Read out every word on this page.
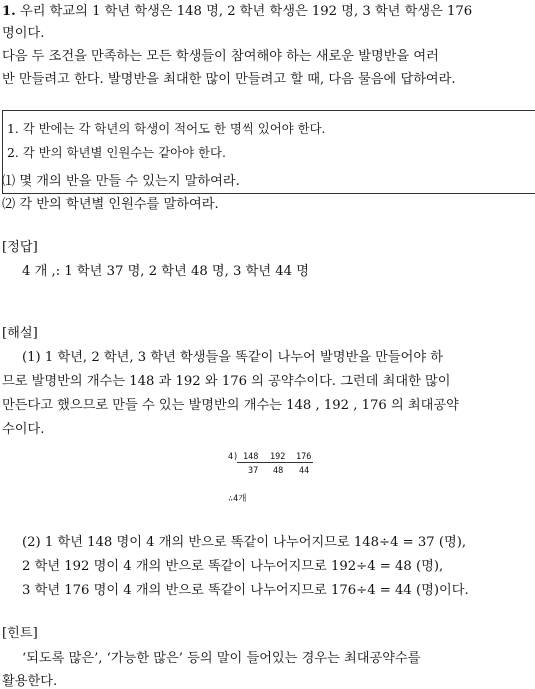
1. 우리 학교의 1 학년 학생은 148 명, 2 학년 학생은 192 명, 3 학년 학생은 176
명이다.
다음 두 조건을 만족하는 모든 학생들이 참여해야 하는 새로운 발명반을 여러
반 만들려고 한다. 발명반을 최대한 많이 만들려고 할 때, 다음 물음에 답하여라.
1. 각 반에는 각 학년의 학생이 적어도 한 명씩 있어야 한다.
2. 각 반의 학년별 인원수는 같아야 한다.
⑴ 몇 개의 반을 만들 수 있는지 말하여라.
⑵ 각 반의 학년별 인원수를 말하여라.
[정답]
4 개 ,: 1 학년 37 명, 2 학년 48 명, 3 학년 44 명
[해설]
(1) 1 학년, 2 학년, 3 학년 학생들을 똑같이 나누어 발명반을 만들어야 하
므로 발명반의 개수는 148 과 192 와 176 의 공약수이다. 그런데 최대한 많이
만든다고 했으므로 만들 수 있는 발명반의 개수는 148 , 192 , 176 의 최대공약
수이다.
4) 148 192 176
37 48 44
∴4개
(2) 1 학년 148 명이 4 개의 반으로 똑같이 나누어지므로 148÷4 = 37 (명),
2 학년 192 명이 4 개의 반으로 똑같이 나누어지므로 192÷4 = 48 (명),
3 학년 176 명이 4 개의 반으로 똑같이 나누어지므로 176÷4 = 44 (명)이다.
[힌트]
‘되도록 많은’, ‘가능한 많은’ 등의 말이 들어있는 경우는 최대공약수를
활용한다.
